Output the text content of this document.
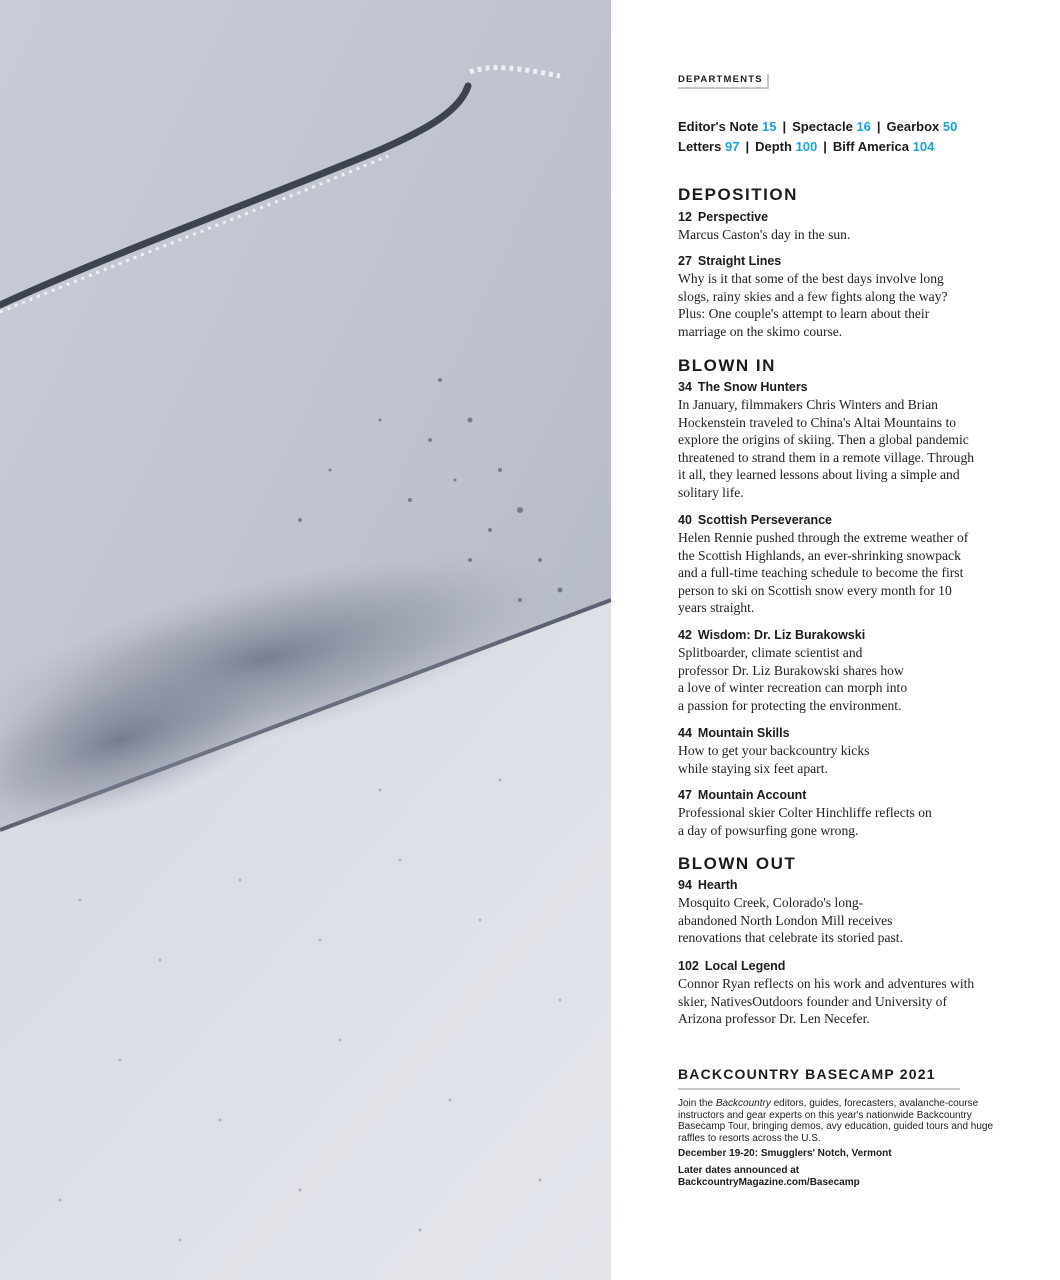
DEPARTMENTS
Editor's Note 15 | Spectacle 16 | Gearbox 50
Letters 97 | Depth 100 | Biff America 104
DEPOSITION
12 Perspective
Marcus Caston's day in the sun.
27 Straight Lines
Why is it that some of the best days involve long slogs, rainy skies and a few fights along the way? Plus: One couple's attempt to learn about their marriage on the skimo course.
BLOWN IN
34 The Snow Hunters
In January, filmmakers Chris Winters and Brian Hockenstein traveled to China's Altai Mountains to explore the origins of skiing. Then a global pandemic threatened to strand them in a remote village. Through it all, they learned lessons about living a simple and solitary life.
40 Scottish Perseverance
Helen Rennie pushed through the extreme weather of the Scottish Highlands, an ever-shrinking snowpack and a full-time teaching schedule to become the first person to ski on Scottish snow every month for 10 years straight.
42 Wisdom: Dr. Liz Burakowski
Splitboarder, climate scientist and professor Dr. Liz Burakowski shares how a love of winter recreation can morph into a passion for protecting the environment.
44 Mountain Skills
How to get your backcountry kicks while staying six feet apart.
47 Mountain Account
Professional skier Colter Hinchliffe reflects on a day of powsurfing gone wrong.
BLOWN OUT
94 Hearth
Mosquito Creek, Colorado's long-abandoned North London Mill receives renovations that celebrate its storied past.
102 Local Legend
Connor Ryan reflects on his work and adventures with skier, NativesOutdoors founder and University of Arizona professor Dr. Len Necefer.
BACKCOUNTRY BASECAMP 2021
Join the Backcountry editors, guides, forecasters, avalanche-course instructors and gear experts on this year's nationwide Backcountry Basecamp Tour, bringing demos, avy education, guided tours and huge raffles to resorts across the U.S.
December 19-20: Smugglers' Notch, Vermont
Later dates announced at BackcountryMagazine.com/Basecamp
